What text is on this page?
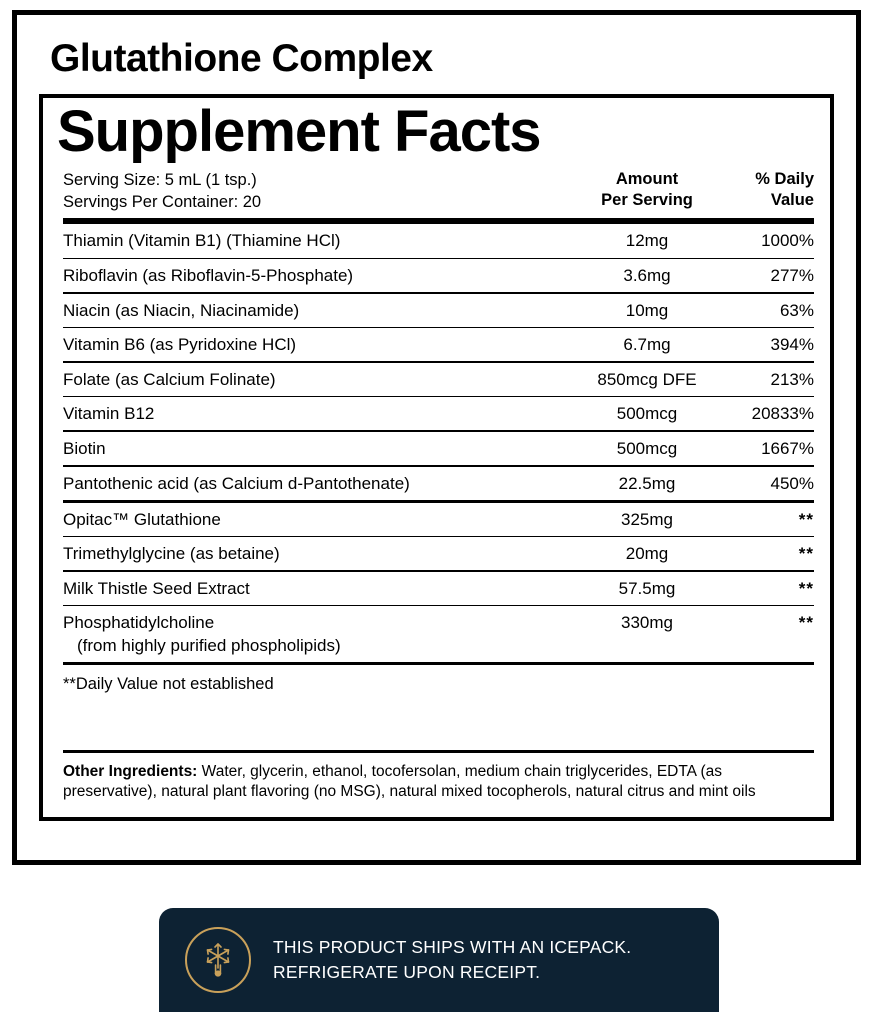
Glutathione Complex
Supplement Facts
Serving Size: 5 mL (1 tsp.)
Servings Per Container: 20
Amount
Per Serving
% Daily
Value
Thiamin (Vitamin B1) (Thiamine HCl)	12mg	1000%
Riboflavin (as Riboflavin-5-Phosphate)	3.6mg	277%
Niacin (as Niacin, Niacinamide)	10mg	63%
Vitamin B6 (as Pyridoxine HCl)	6.7mg	394%
Folate (as Calcium Folinate)	850mcg DFE	213%
Vitamin B12	500mcg	20833%
Biotin	500mcg	1667%
Pantothenic acid (as Calcium d-Pantothenate)	22.5mg	450%
Opitac™ Glutathione	325mg	**
Trimethylglycine (as betaine)	20mg	**
Milk Thistle Seed Extract	57.5mg	**
Phosphatidylcholine
(from highly purified phospholipids)
330mg	**
**Daily Value not established
Other Ingredients: Water, glycerin, ethanol, tocofersolan, medium chain triglycerides, EDTA (as preservative), natural plant flavoring (no MSG), natural mixed tocopherols, natural citrus and mint oils
THIS PRODUCT SHIPS WITH AN ICEPACK.
REFRIGERATE UPON RECEIPT.
